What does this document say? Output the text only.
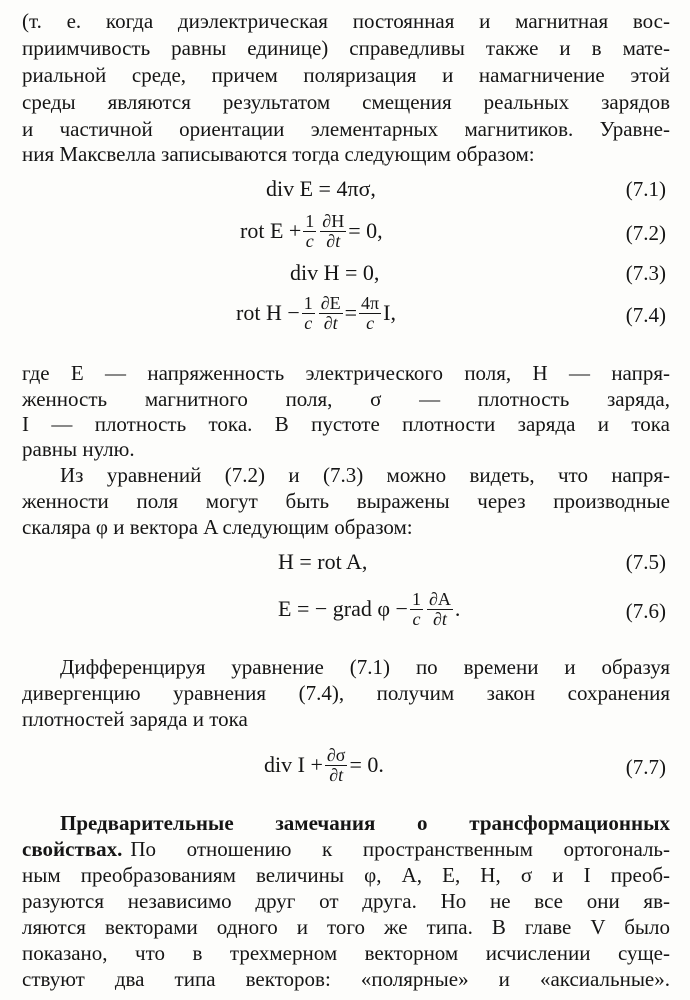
(т. е. когда диэлектрическая постоянная и магнитная вос-
приимчивость равны единице) справедливы также и в мате-
риальной среде, причем поляризация и намагничение этой
среды являются результатом смещения реальных зарядов
и частичной ориентации элементарных магнитиков. Уравне-
ния Максвелла записываются тогда следующим образом:
div E = 4πσ,	(7.1)
rot $E + \frac{1}{c} \frac{\partial H}{\partial t} = 0$,	(7.2)
div H = 0,	(7.3)
rot $H - \frac{1}{c} \frac{\partial E}{\partial t} = \frac{4\pi}{c} I$,	(7.4)
где E — напряженность электрического поля, H — напря-
женность магнитного поля, σ — плотность заряда,
I — плотность тока. В пустоте плотности заряда и тока
равны нулю.
Из уравнений (7.2) и (7.3) можно видеть, что напря-
женности поля могут быть выражены через производные
скаляра φ и вектора A следующим образом:
H = rot A,	(7.5)
E = − grad $\varphi - \frac{1}{c} \frac{\partial A}{\partial t}$ .	(7.6)
Дифференцируя уравнение (7.1) по времени и образуя
дивергенцию уравнения (7.4), получим закон сохранения
плотностей заряда и тока
div $I + \frac{\partial\sigma}{\partial t} = 0$.	(7.7)
Предварительные замечания о трансформационных
свойствах. По отношению к пространственным ортогональ-
ным преобразованиям величины φ, A, E, H, σ и I преоб-
разуются независимо друг от друга. Но не все они яв-
ляются векторами одного и того же типа. В главе V было
показано, что в трехмерном векторном исчислении суще-
ствуют два типа векторов: «полярные» и «аксиальные».
